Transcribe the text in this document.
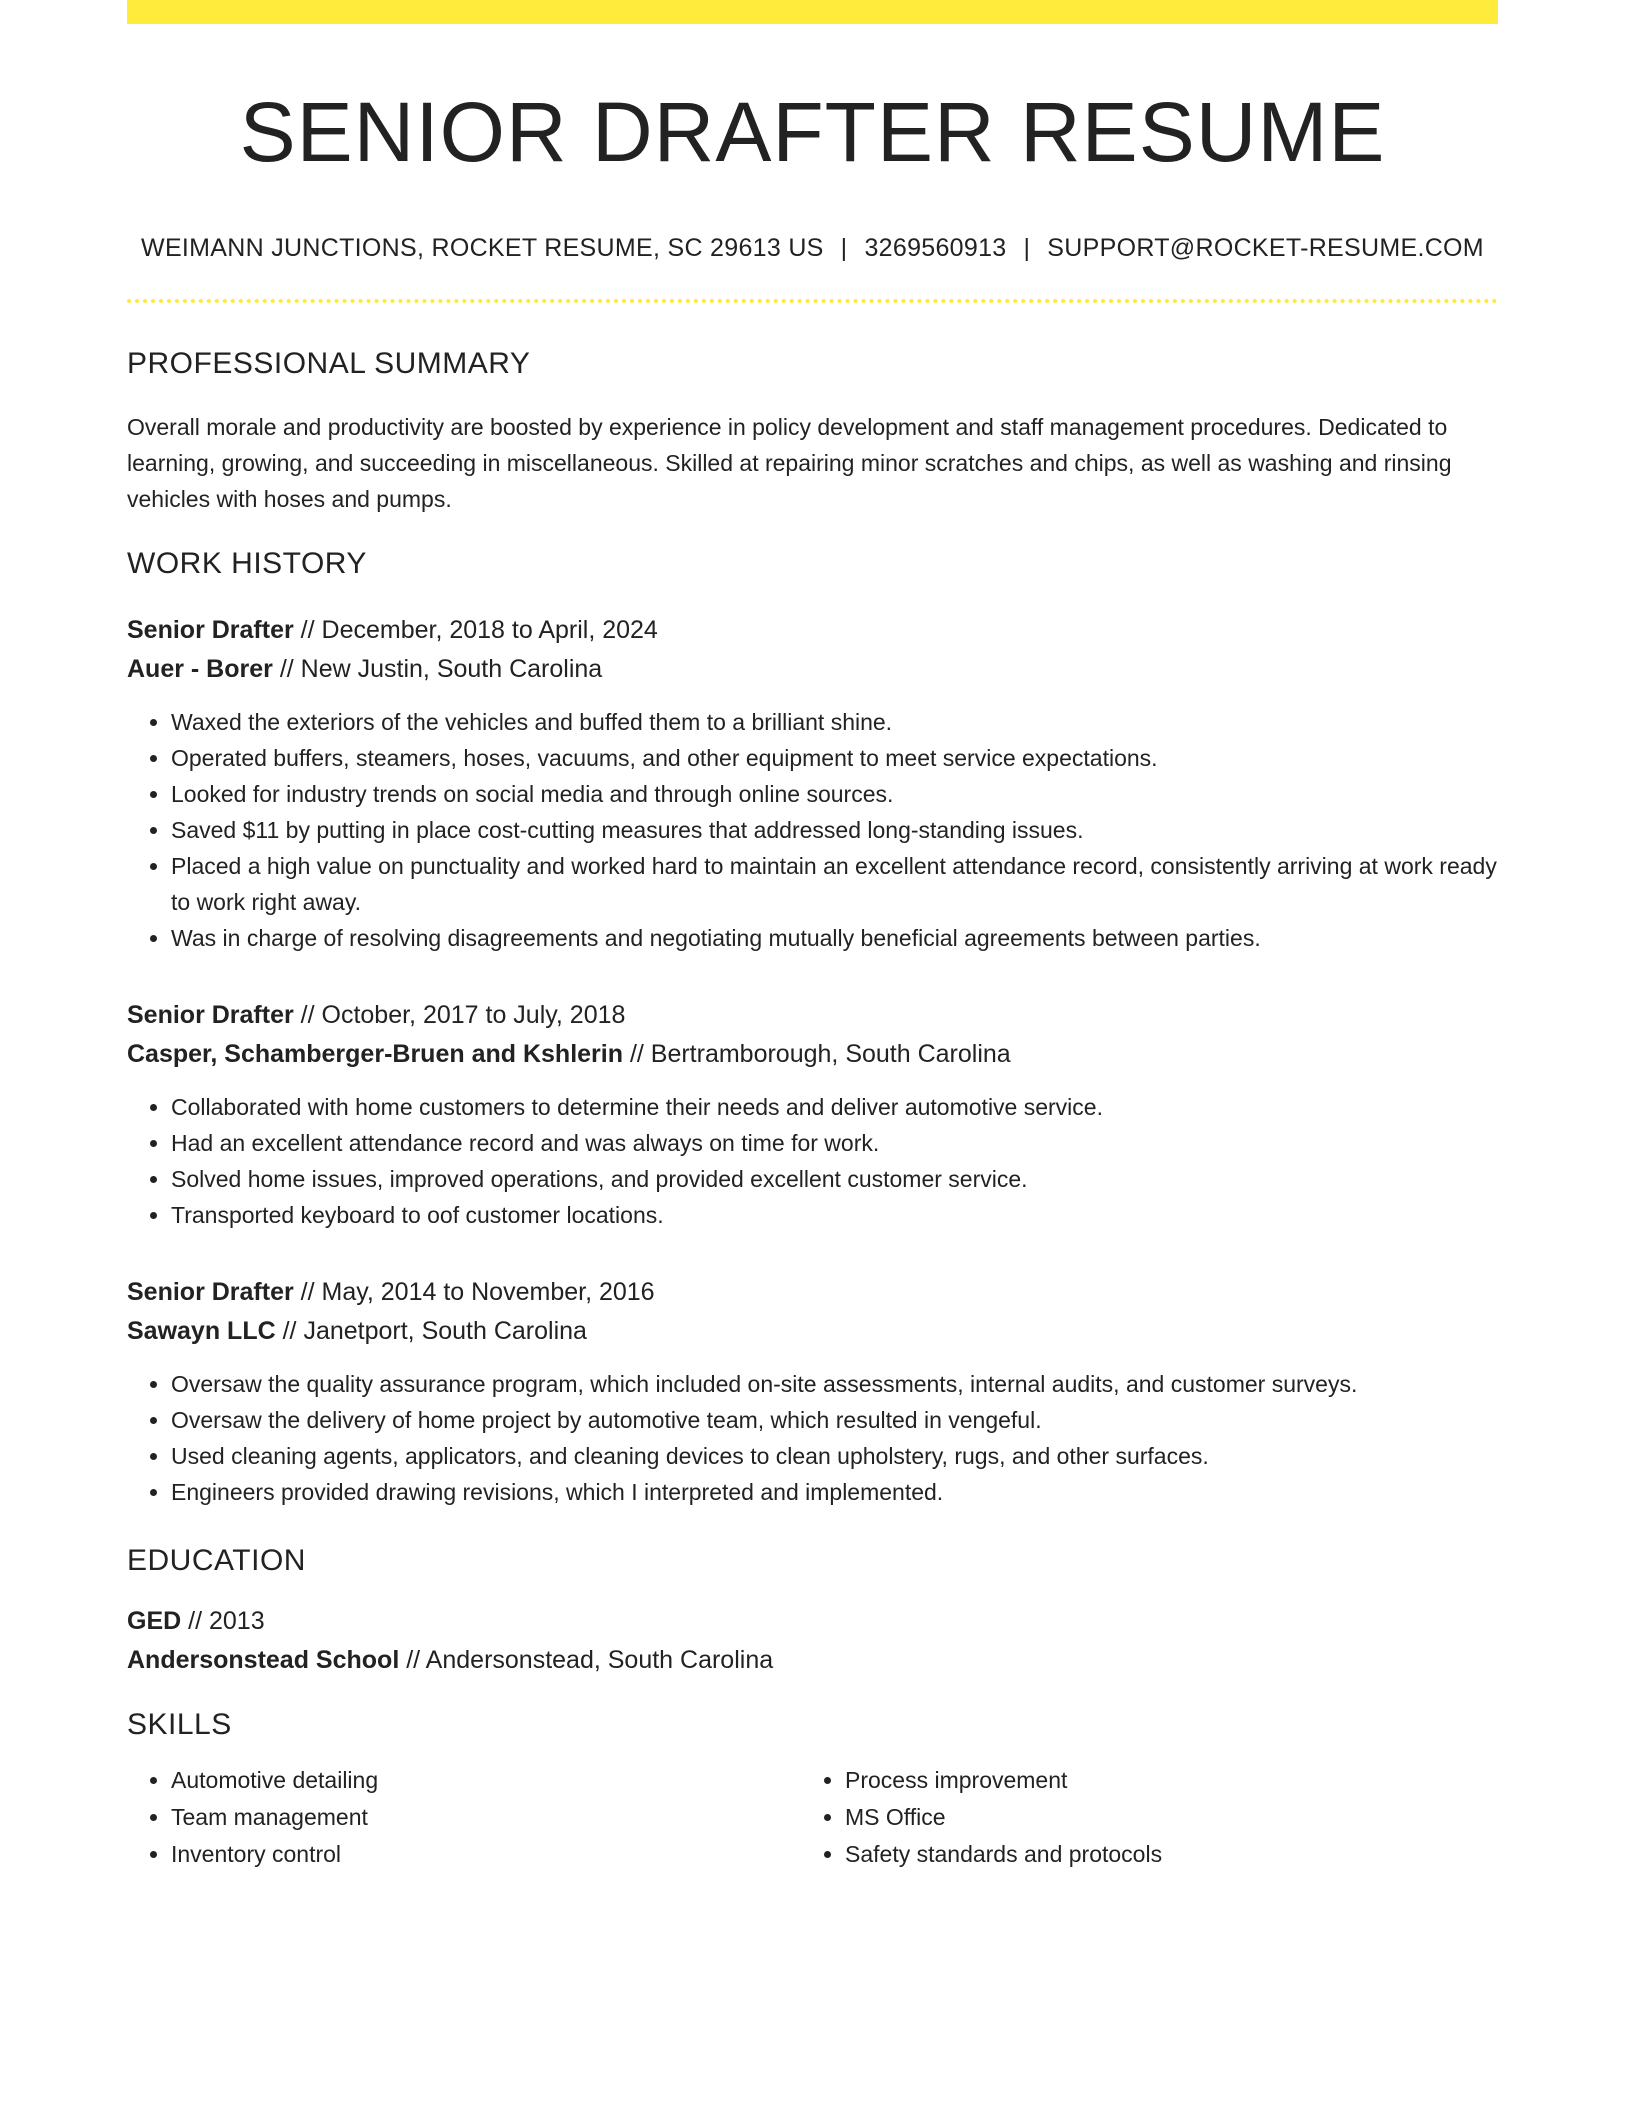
SENIOR DRAFTER RESUME
WEIMANN JUNCTIONS, ROCKET RESUME, SC 29613 US | 3269560913 | SUPPORT@ROCKET-RESUME.COM
PROFESSIONAL SUMMARY

Overall morale and productivity are boosted by experience in policy development and staff management procedures. Dedicated to learning, growing, and succeeding in miscellaneous. Skilled at repairing minor scratches and chips, as well as washing and rinsing vehicles with hoses and pumps.

WORK HISTORY
Senior Drafter // December, 2018 to April, 2024
Auer - Borer // New Justin, South Carolina
• Waxed the exteriors of the vehicles and buffed them to a brilliant shine.
• Operated buffers, steamers, hoses, vacuums, and other equipment to meet service expectations.
• Looked for industry trends on social media and through online sources.
• Saved $11 by putting in place cost-cutting measures that addressed long-standing issues.
• Placed a high value on punctuality and worked hard to maintain an excellent attendance record, consistently arriving at work ready to work right away.
• Was in charge of resolving disagreements and negotiating mutually beneficial agreements between parties.
Senior Drafter // October, 2017 to July, 2018
Casper, Schamberger-Bruen and Kshlerin // Bertramborough, South Carolina
• Collaborated with home customers to determine their needs and deliver automotive service.
• Had an excellent attendance record and was always on time for work.
• Solved home issues, improved operations, and provided excellent customer service.
• Transported keyboard to oof customer locations.
Senior Drafter // May, 2014 to November, 2016
Sawayn LLC // Janetport, South Carolina
• Oversaw the quality assurance program, which included on-site assessments, internal audits, and customer surveys.
• Oversaw the delivery of home project by automotive team, which resulted in vengeful.
• Used cleaning agents, applicators, and cleaning devices to clean upholstery, rugs, and other surfaces.
• Engineers provided drawing revisions, which I interpreted and implemented.
EDUCATION
GED // 2013
Andersonstead School // Andersonstead, South Carolina
SKILLS
• Automotive detailing
• Team management
• Inventory control
• Process improvement
• MS Office
• Safety standards and protocols
